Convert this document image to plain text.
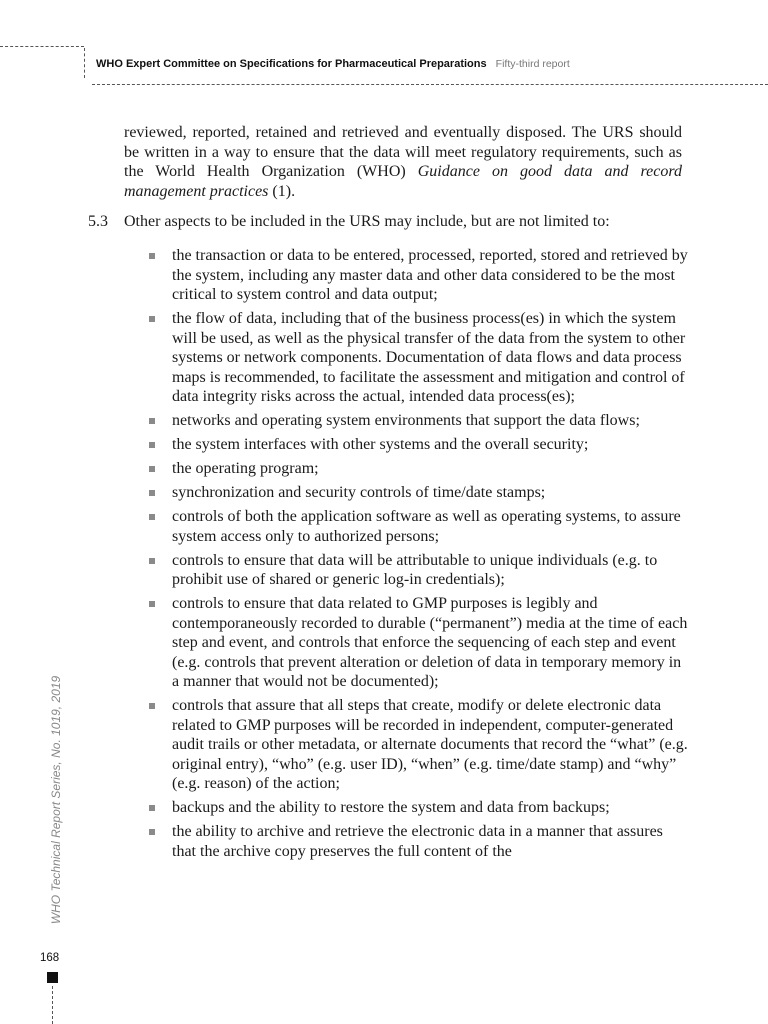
WHO Expert Committee on Specifications for Pharmaceutical Preparations Fifty-third report

reviewed, reported, retained and retrieved and eventually disposed. The URS should be written in a way to ensure that the data will meet regulatory requirements, such as the World Health Organization (WHO) Guidance on good data and record management practices (1).

5.3 Other aspects to be included in the URS may include, but are not limited to:
the transaction or data to be entered, processed, reported, stored and retrieved by the system, including any master data and other data considered to be the most critical to system control and data output;
the flow of data, including that of the business process(es) in which the system will be used, as well as the physical transfer of the data from the system to other systems or network components. Documentation of data flows and data process maps is recommended, to facilitate the assessment and mitigation and control of data integrity risks across the actual, intended data process(es);
networks and operating system environments that support the data flows;
the system interfaces with other systems and the overall security;
the operating program;
synchronization and security controls of time/date stamps;
controls of both the application software as well as operating systems, to assure system access only to authorized persons;
controls to ensure that data will be attributable to unique individuals (e.g. to prohibit use of shared or generic log-in credentials);
controls to ensure that data related to GMP purposes is legibly and contemporaneously recorded to durable (“permanent”) media at the time of each step and event, and controls that enforce the sequencing of each step and event (e.g. controls that prevent alteration or deletion of data in temporary memory in a manner that would not be documented);
controls that assure that all steps that create, modify or delete electronic data related to GMP purposes will be recorded in independent, computer-generated audit trails or other metadata, or alternate documents that record the “what” (e.g. original entry), “who” (e.g. user ID), “when” (e.g. time/date stamp) and “why” (e.g. reason) of the action;
backups and the ability to restore the system and data from backups;
the ability to archive and retrieve the electronic data in a manner that assures that the archive copy preserves the full content of the
WHO Technical Report Series, No. 1019, 2019
168
